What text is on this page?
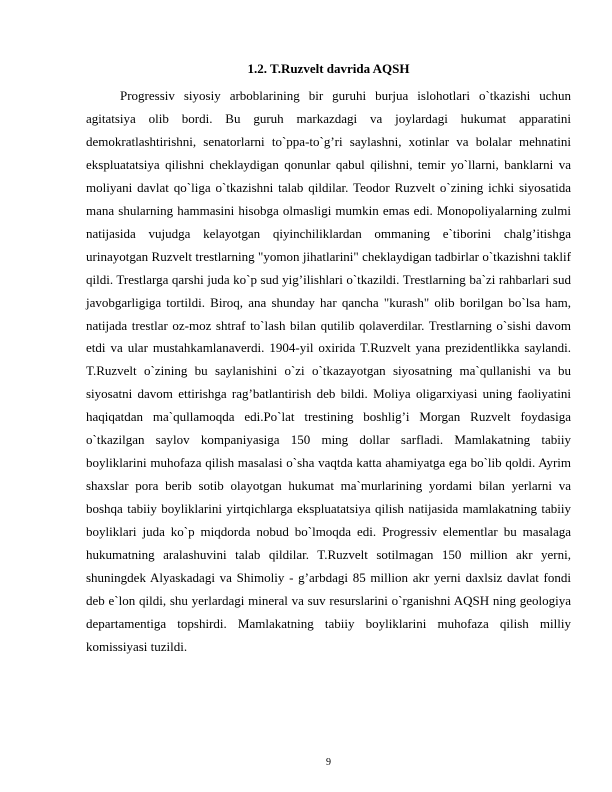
1.2. T.Ruzvelt davrida AQSH

Progressiv siyosiy arboblarining bir guruhi burjua islohotlari o`tkazishi uchun agitatsiya olib bordi. Bu guruh markazdagi va joylardagi hukumat apparatini demokratlashtirishni, senatorlarni to`ppa-to`g’ri saylashni, xotinlar va bolalar mehnatini ekspluatatsiya qilishni cheklaydigan qonunlar qabul qilishni, temir yo`llarni, banklarni va moliyani davlat qo`liga o`tkazishni talab qildilar. Teodor Ruzvelt o`zining ichki siyosatida mana shularning hammasini hisobga olmasligi mumkin emas edi. Monopoliyalarning zulmi natijasida vujudga kelayotgan qiyinchiliklardan ommaning e`tiborini chalg’itishga urinayotgan Ruzvelt trestlarning "yomon jihatlarini" cheklaydigan tadbirlar o`tkazishni taklif qildi. Trestlarga qarshi juda ko`p sud yig’ilishlari o`tkazildi. Trestlarning ba`zi rahbarlari sud javobgarligiga tortildi. Biroq, ana shunday har qancha "kurash" olib borilgan bo`lsa ham, natijada trestlar oz-moz shtraf to`lash bilan qutilib qolaverdilar. Trestlarning o`sishi davom etdi va ular mustahkamlanaverdi. 1904-yil oxirida T.Ruzvelt yana prezidentlikka saylandi. T.Ruzvelt o`zining bu saylanishini o`zi o`tkazayotgan siyosatning ma`qullanishi va bu siyosatni davom ettirishga rag’batlantirish deb bildi. Moliya oligarxiyasi uning faoliyatini haqiqatdan ma`qullamoqda edi.Po`lat trestining boshlig’i Morgan Ruzvelt foydasiga o`tkazilgan saylov kompaniyasiga 150 ming dollar sarfladi. Mamlakatning tabiiy boyliklarini muhofaza qilish masalasi o`sha vaqtda katta ahamiyatga ega bo`lib qoldi. Ayrim shaxslar pora berib sotib olayotgan hukumat ma`murlarining yordami bilan yerlarni va boshqa tabiiy boyliklarini yirtqichlarga ekspluatatsiya qilish natijasida mamlakatning tabiiy boyliklari juda ko`p miqdorda nobud bo`lmoqda edi. Progressiv elementlar bu masalaga hukumatning aralashuvini talab qildilar. T.Ruzvelt sotilmagan 150 million akr yerni, shuningdek Alyaskadagi va Shimoliy - g’arbdagi 85 million akr yerni daxlsiz davlat fondi deb e`lon qildi, shu yerlardagi mineral va suv resurslarini o`rganishni AQSH ning geologiya departamentiga topshirdi. Mamlakatning tabiiy boyliklarini muhofaza qilish milliy komissiyasi tuzildi.

9
